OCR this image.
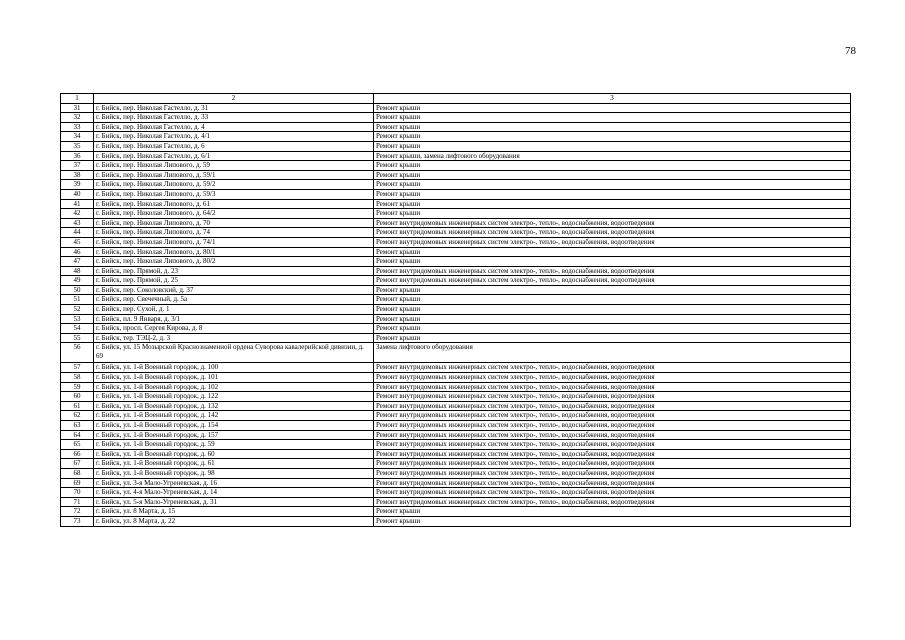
78
1	2	3
31	г. Бийск, пер. Николая Гастелло, д. 31	Ремонт крыши
32	г. Бийск, пер. Николая Гастелло, д. 33	Ремонт крыши
33	г. Бийск, пер. Николая Гастелло, д. 4	Ремонт крыши
34	г. Бийск, пер. Николая Гастелло, д. 4/1	Ремонт крыши
35	г. Бийск, пер. Николая Гастелло, д. 6	Ремонт крыши
36	г. Бийск, пер. Николая Гастелло, д. 6/1	Ремонт крыши, замена лифтового оборудования
37	г. Бийск, пер. Николая Липового, д. 59	Ремонт крыши
38	г. Бийск, пер. Николая Липового, д. 59/1	Ремонт крыши
39	г. Бийск, пер. Николая Липового, д. 59/2	Ремонт крыши
40	г. Бийск, пер. Николая Липового, д. 59/3	Ремонт крыши
41	г. Бийск, пер. Николая Липового, д. 61	Ремонт крыши
42	г. Бийск, пер. Николая Липового, д. 64/2	Ремонт крыши
43	г. Бийск, пер. Николая Липового, д. 70	Ремонт внутридомовых инженерных систем электро-, тепло-, водоснабжения, водоотведения
44	г. Бийск, пер. Николая Липового, д. 74	Ремонт внутридомовых инженерных систем электро-, тепло-, водоснабжения, водоотведения
45	г. Бийск, пер. Николая Липового, д. 74/1	Ремонт внутридомовых инженерных систем электро-, тепло-, водоснабжения, водоотведения
46	г. Бийск, пер. Николая Липового, д. 80/1	Ремонт крыши
47	г. Бийск, пер. Николая Липового, д. 80/2	Ремонт крыши
48	г. Бийск, пер. Прямой, д. 23	Ремонт внутридомовых инженерных систем электро-, тепло-, водоснабжения, водоотведения
49	г. Бийск, пер. Прямой, д. 25	Ремонт внутридомовых инженерных систем электро-, тепло-, водоснабжения, водоотведения
50	г. Бийск, пер. Соколовский, д. 37	Ремонт крыши
51	г. Бийск, пер. Свечечный, д. 5а	Ремонт крыши
52	г. Бийск, пер. Сухой, д. 1	Ремонт крыши
53	г. Бийск, пл. 9 Января, д. 3/1	Ремонт крыши
54	г. Бийск, просп. Сергея Кирова, д. 8	Ремонт крыши
55	г. Бийск, тер. ТЭЦ-2, д. 3	Ремонт крыши
56	г. Бийск, ул. 15 Мозырской Краснознаменной ордена Суворова кавалерийской дивизии, д. 69	Замена лифтового оборудования
57	г. Бийск, ул. 1-й Военный городок, д. 100	Ремонт внутридомовых инженерных систем электро-, тепло-, водоснабжения, водоотведения
58	г. Бийск, ул. 1-й Военный городок, д. 101	Ремонт внутридомовых инженерных систем электро-, тепло-, водоснабжения, водоотведения
59	г. Бийск, ул. 1-й Военный городок, д. 102	Ремонт внутридомовых инженерных систем электро-, тепло-, водоснабжения, водоотведения
60	г. Бийск, ул. 1-й Военный городок, д. 122	Ремонт внутридомовых инженерных систем электро-, тепло-, водоснабжения, водоотведения
61	г. Бийск, ул. 1-й Военный городок, д. 132	Ремонт внутридомовых инженерных систем электро-, тепло-, водоснабжения, водоотведения
62	г. Бийск, ул. 1-й Военный городок, д. 142	Ремонт внутридомовых инженерных систем электро-, тепло-, водоснабжения, водоотведения
63	г. Бийск, ул. 1-й Военный городок, д. 154	Ремонт внутридомовых инженерных систем электро-, тепло-, водоснабжения, водоотведения
64	г. Бийск, ул. 1-й Военный городок, д. 157	Ремонт внутридомовых инженерных систем электро-, тепло-, водоснабжения, водоотведения
65	г. Бийск, ул. 1-й Военный городок, д. 59	Ремонт внутридомовых инженерных систем электро-, тепло-, водоснабжения, водоотведения
66	г. Бийск, ул. 1-й Военный городок, д. 60	Ремонт внутридомовых инженерных систем электро-, тепло-, водоснабжения, водоотведения
67	г. Бийск, ул. 1-й Военный городок, д. 61	Ремонт внутридомовых инженерных систем электро-, тепло-, водоснабжения, водоотведения
68	г. Бийск, ул. 1-й Военный городок, д. 98	Ремонт внутридомовых инженерных систем электро-, тепло-, водоснабжения, водоотведения
69	г. Бийск, ул. 3-я Мало-Угреневская, д. 16	Ремонт внутридомовых инженерных систем электро-, тепло-, водоснабжения, водоотведения
70	г. Бийск, ул. 4-я Мало-Угреневская, д. 14	Ремонт внутридомовых инженерных систем электро-, тепло-, водоснабжения, водоотведения
71	г. Бийск, ул. 5-я Мало-Угреневская, д. 31	Ремонт внутридомовых инженерных систем электро-, тепло-, водоснабжения, водоотведения
72	г. Бийск, ул. 8 Марта, д. 15	Ремонт крыши
73	г. Бийск, ул. 8 Марта, д. 22	Ремонт крыши
